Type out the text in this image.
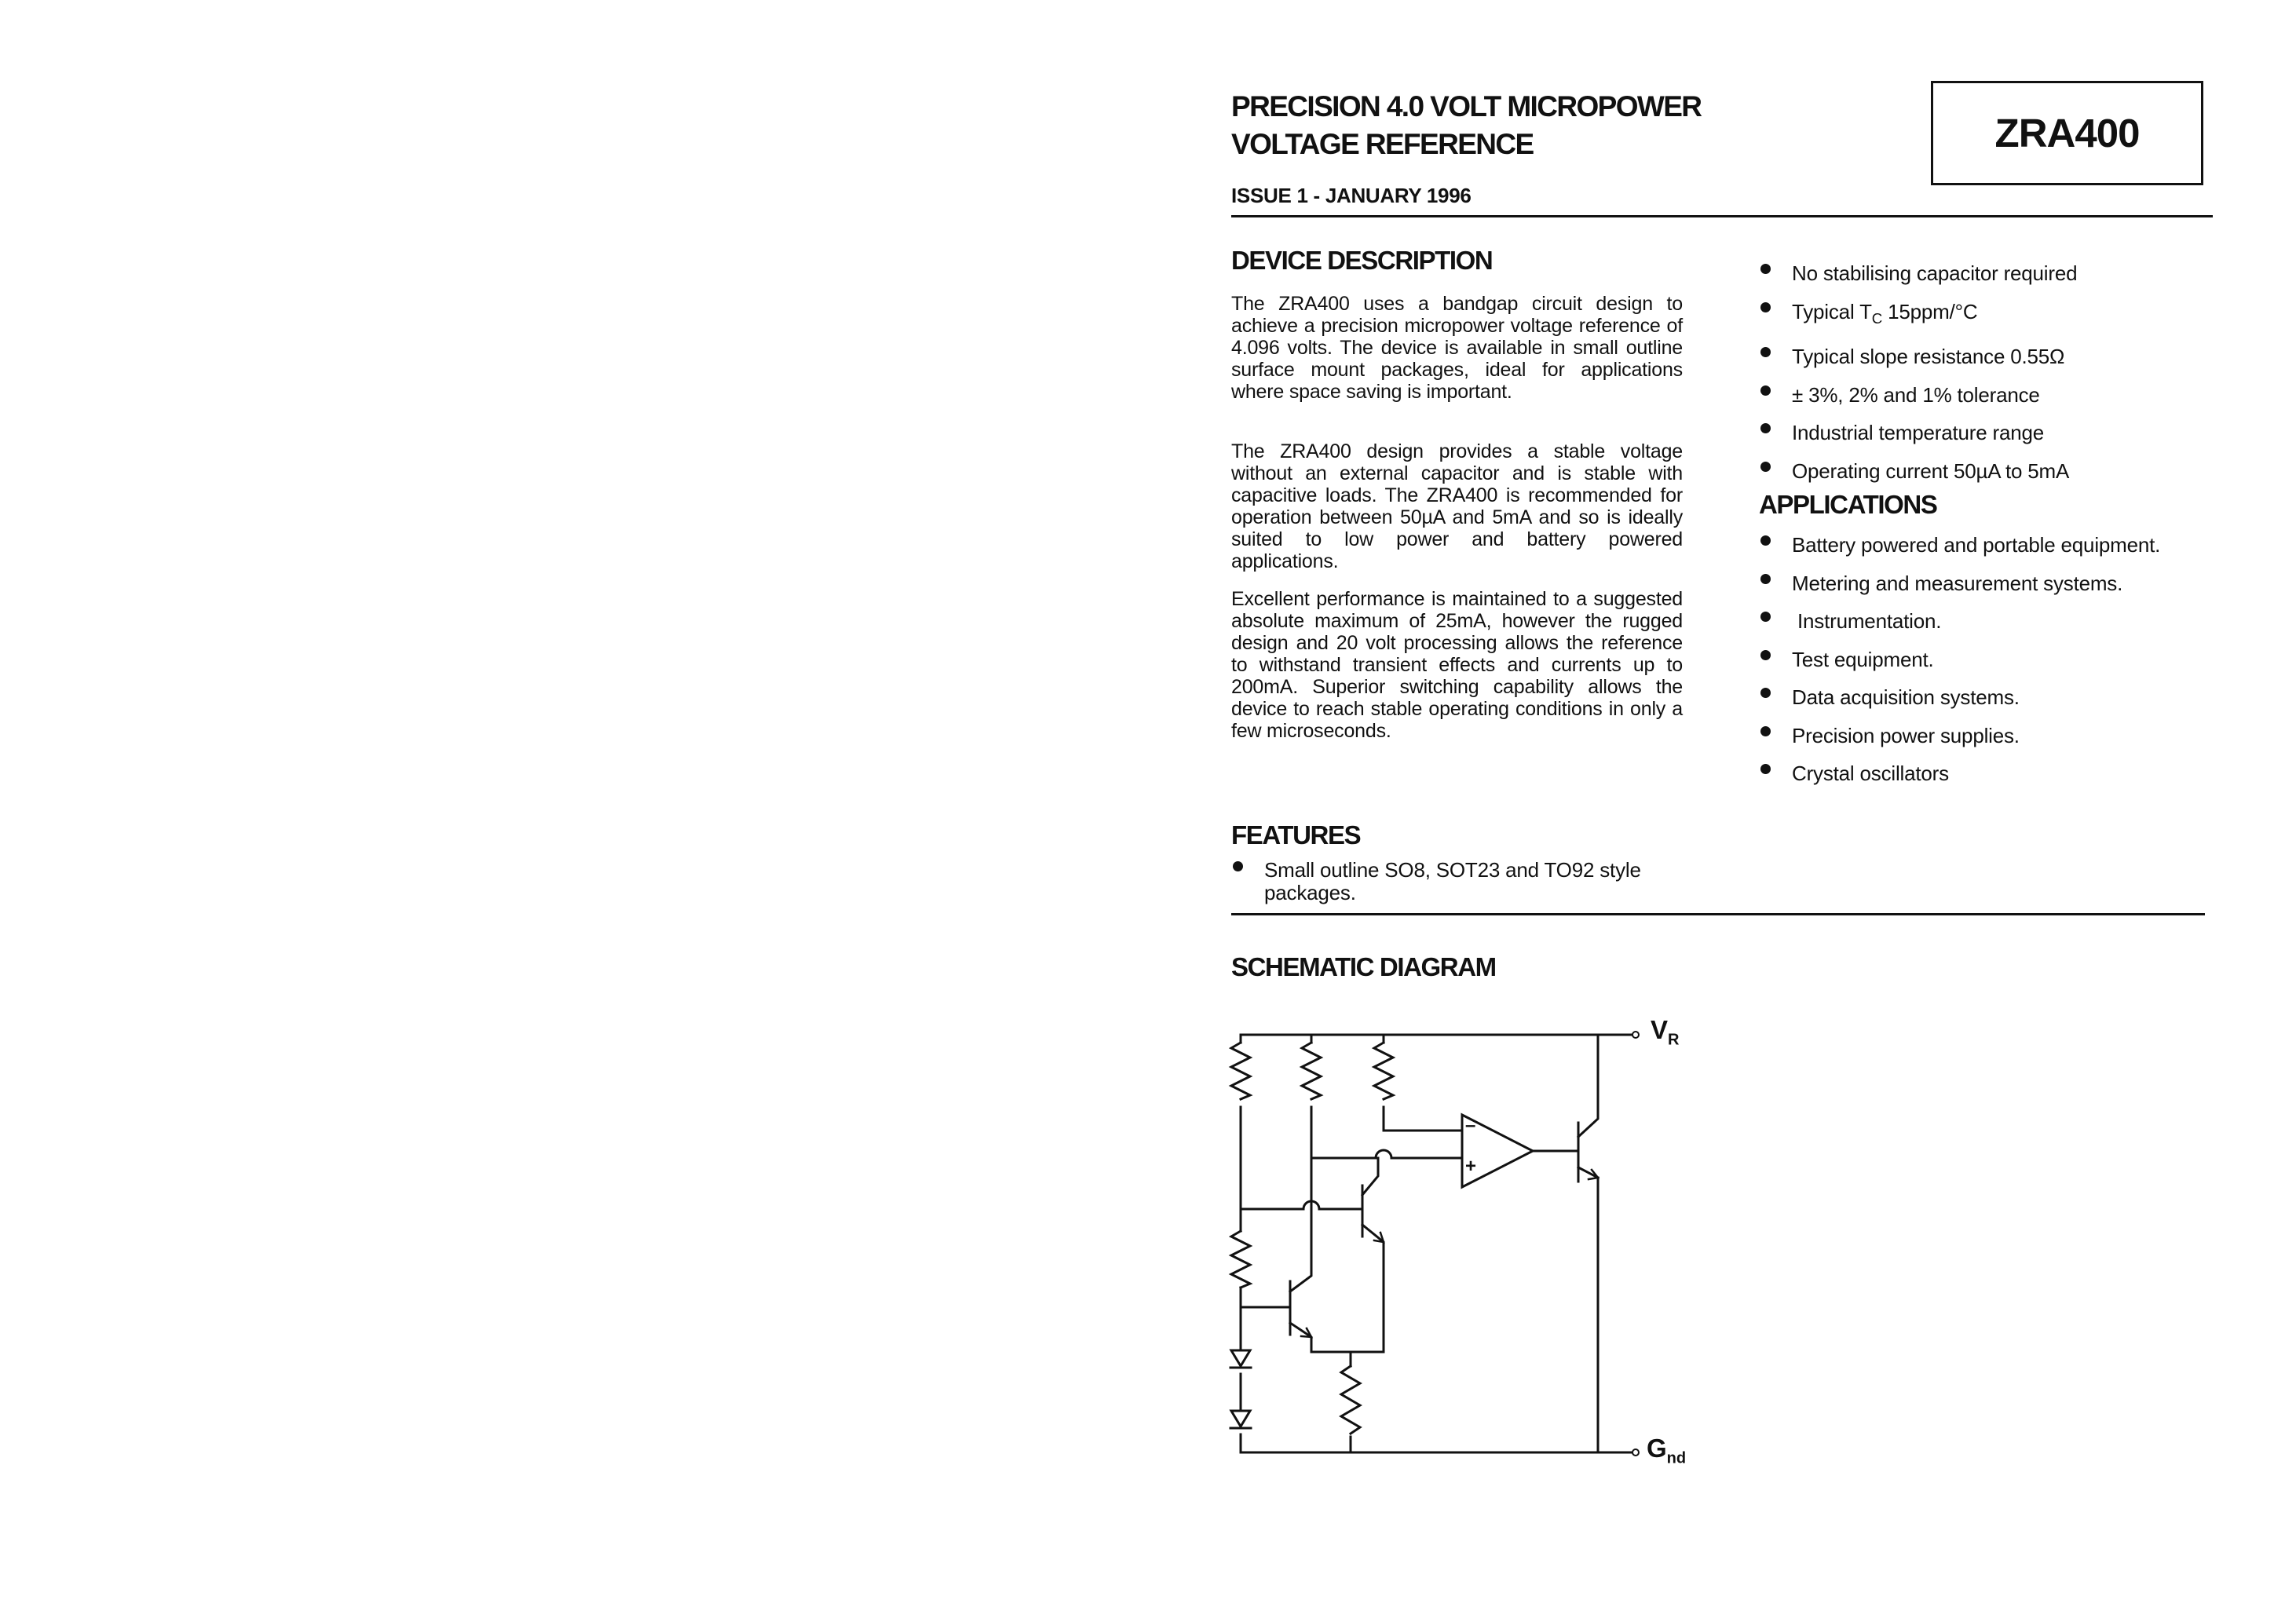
PRECISION 4.0 VOLT MICROPOWER
VOLTAGE REFERENCE
ISSUE 1 - JANUARY 1996
ZRA400
DEVICE DESCRIPTION

The ZRA400 uses a bandgap circuit design to achieve a precision micropower voltage reference of 4.096 volts. The device is available in small outline surface mount packages, ideal for applications where space saving is important.

The ZRA400 design provides a stable voltage without an external capacitor and is stable with capacitive loads. The ZRA400 is recommended for operation between 50µA and 5mA and so is ideally suited to low power and battery powered applications.

Excellent performance is maintained to a suggested absolute maximum of 25mA, however the rugged design and 20 volt processing allows the reference to withstand transient effects and currents up to 200mA. Superior switching capability allows the device to reach stable operating conditions in only a few microseconds.

FEATURES
Small outline SO8, SOT23 and TO92 style packages.
No stabilising capacitor required
Typical $T_C$ 15ppm/°C
Typical slope resistance 0.55Ω
± 3%, 2% and 1% tolerance
Industrial temperature range
Operating current 50µA to 5mA
APPLICATIONS
Battery powered and portable equipment.
Metering and measurement systems.
Instrumentation.
Test equipment.
Data acquisition systems.
Precision power supplies.
Crystal oscillators
SCHEMATIC DIAGRAM
–
+
$V_R$
$G_{nd}$
